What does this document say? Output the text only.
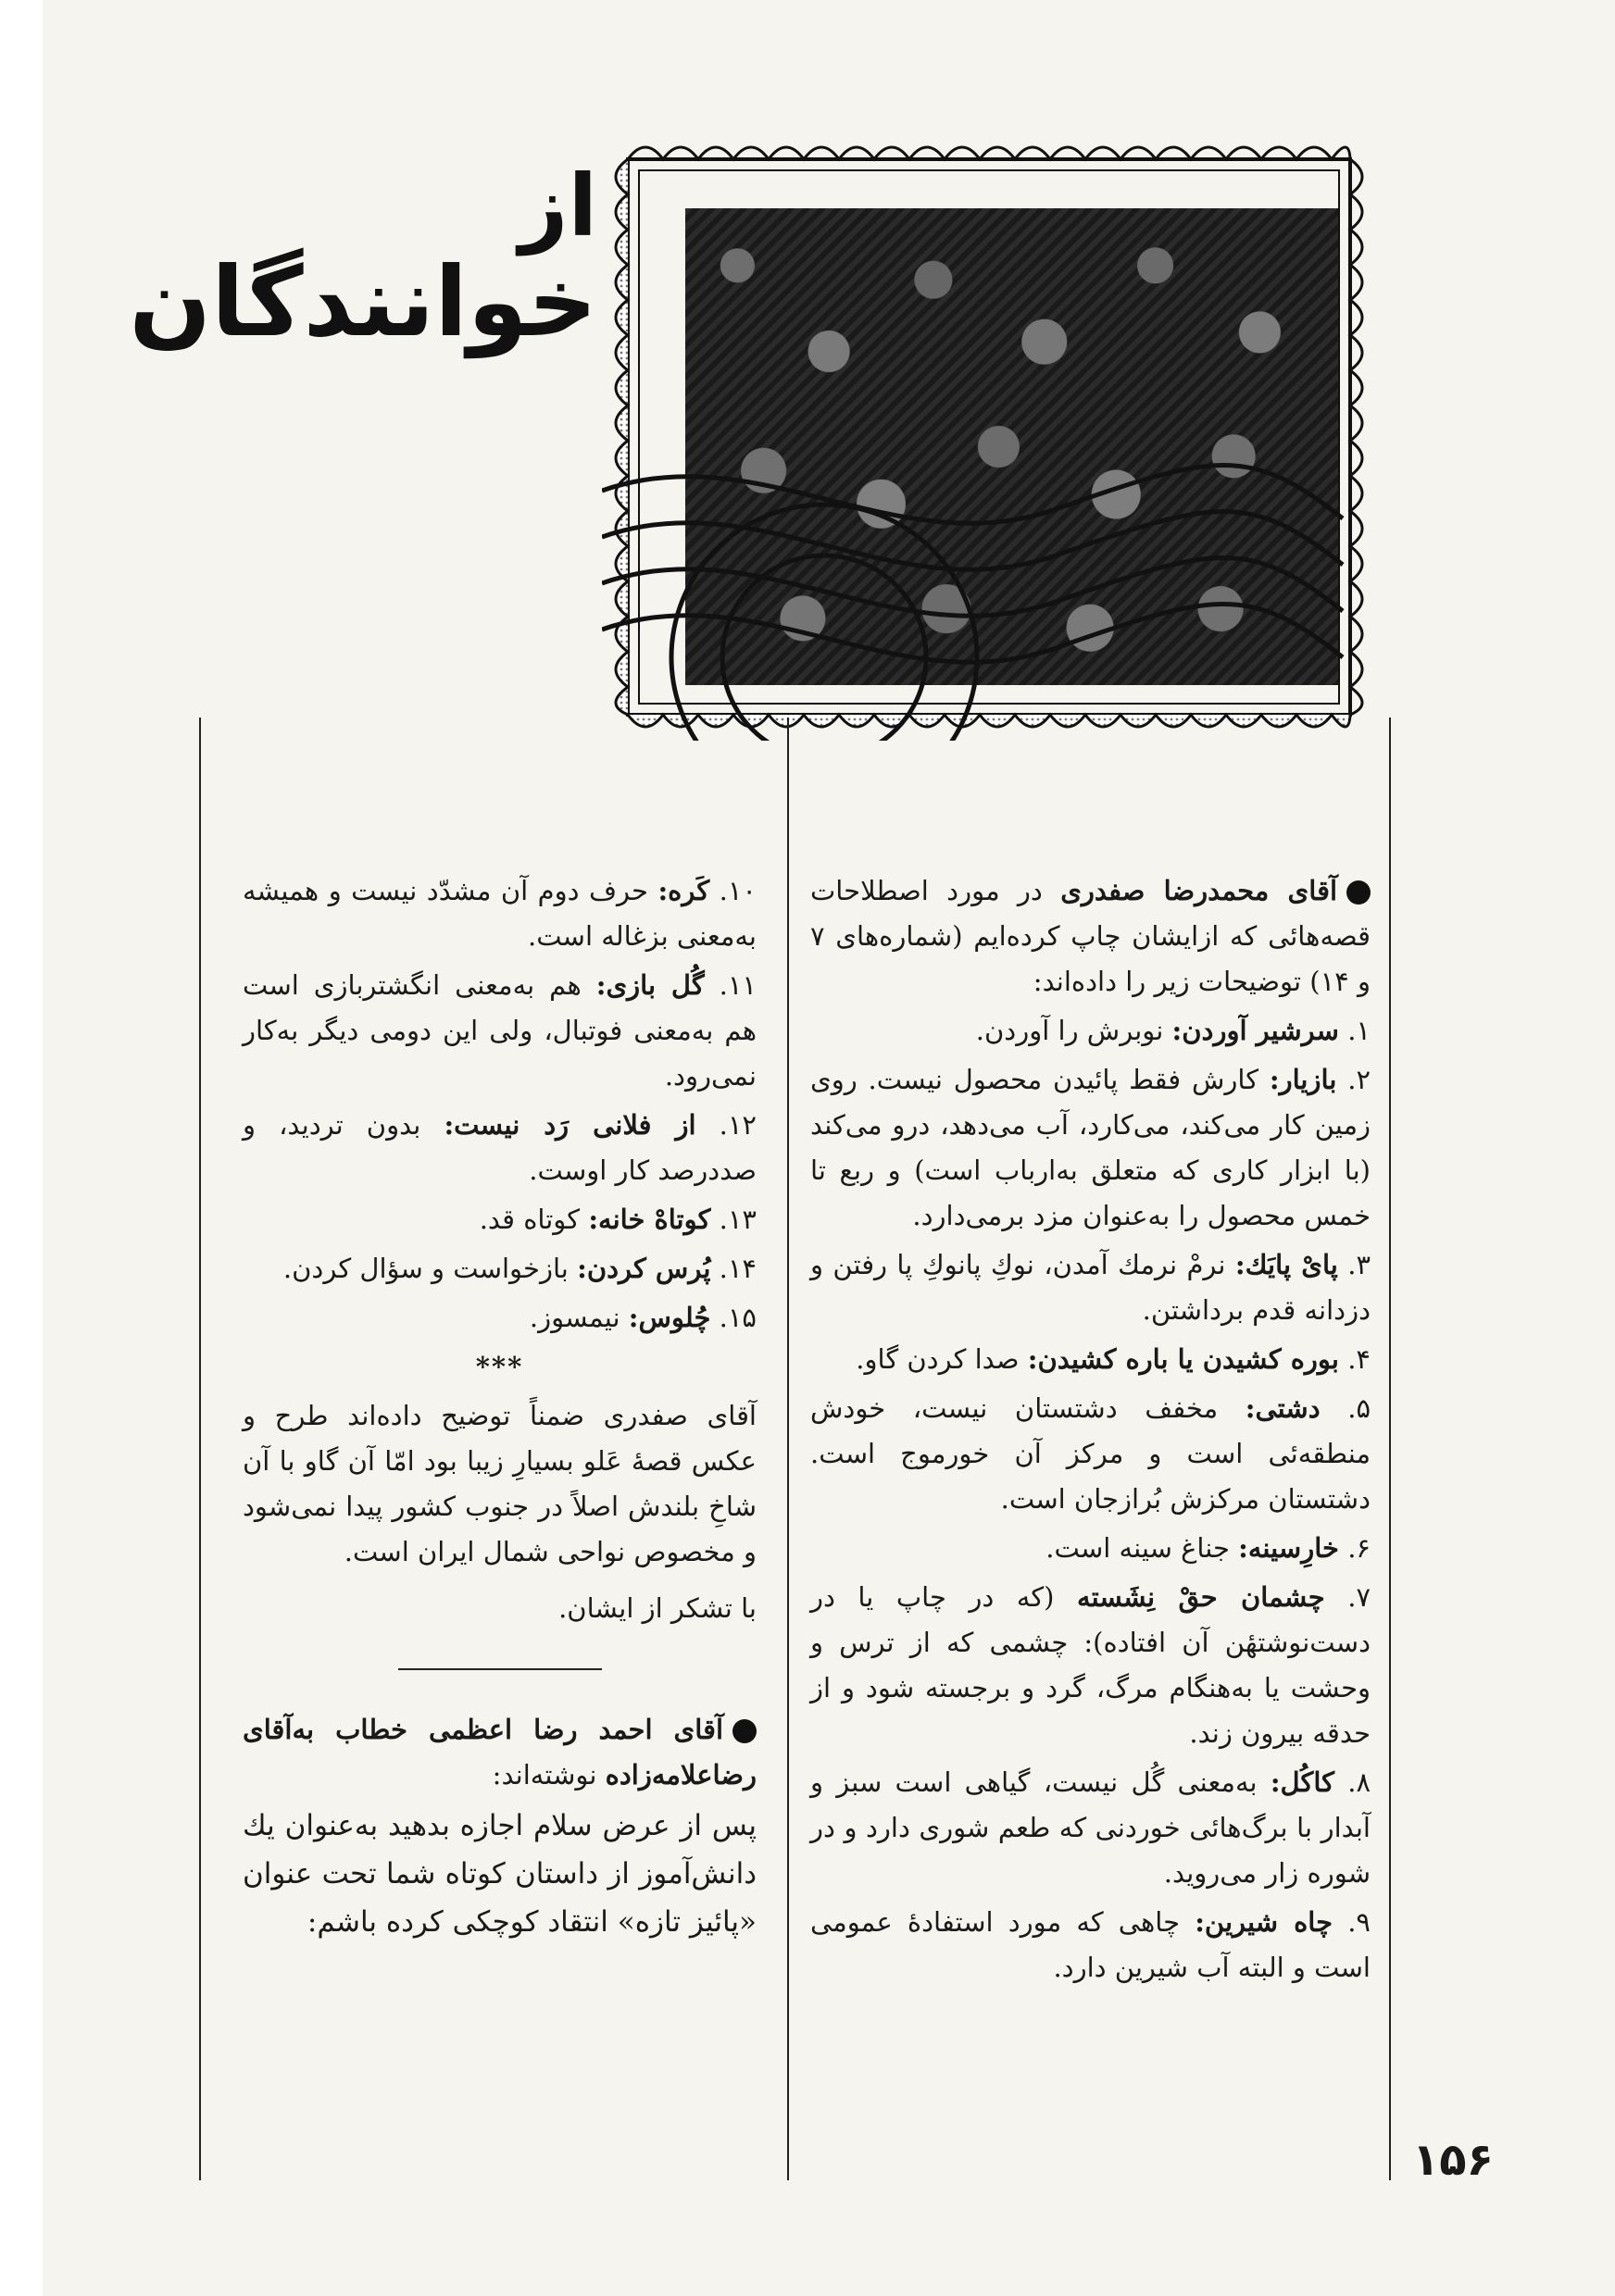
از
خوانندگان

آقای محمدرضا صفدری در مورد اصطلاحات قصه‌هائی که ازایشان چاپ کرده‌ایم (شماره‌های ۷ و ۱۴) توضیحات زیر را داده‌اند:

۱. سرشیر آوردن: نوبرش را آوردن.

۲. بازیار: کارش فقط پائیدن محصول نیست. روی زمین کار می‌کند، می‌کارد، آب می‌دهد، درو می‌کند (با ابزار کاری که متعلق به‌ارباب است) و ربع تا خمس محصول را به‌عنوان مزد برمی‌دارد.

۳. پایْ پایَك: نرمْ نرمك آمدن، نوكِ پانوكِ پا رفتن و دزدانه قدم برداشتن.

۴. بوره کشیدن یا باره کشیدن: صدا کردن گاو.

۵. دشتی: مخفف دشتستان نیست، خودش منطقه‌ئی است و مرکز آن خورموج است. دشتستان مرکزش بُرازجان است.

۶. خارِسینه: جناغ سینه است.

۷. چشمان حقْ نِشَسته (که در چاپ یا در دست‌نوشتهٔن آن افتاده): چشمی که از ترس و وحشت یا به‌هنگام مرگ، گرد و برجسته شود و از حدقه بیرون زند.

۸. کاکُل: به‌معنی گُل نیست، گیاهی است سبز و آبدار با برگ‌هائی خوردنی که طعم شوری دارد و در شوره زار می‌روید.

۹. چاه شیرین: چاهی که مورد استفادهٔ عمومی است و البته آب شیرین دارد.

۱۰. کَره: حرف دوم آن مشدّد نیست و همیشه به‌معنی بزغاله است.

۱۱. گُل بازی: هم به‌معنی انگشتربازی است هم به‌معنی فوتبال، ولی این دومی دیگر به‌کار نمی‌رود.

۱۲. از فلانی رَد نیست: بدون تردید، و صددرصد کار اوست.

۱۳. کوتاهْ خانه: کوتاه قد.

۱۴. پُرس کردن: بازخواست و سؤال کردن.

۱۵. چُلوس: نیمسوز.

***

آقای صفدری ضمناً توضیح داده‌اند طرح و عکس قصهٔ عَلو بسیارِ زیبا بود امّا آن گاو با آن شاخِ بلندش اصلاً در جنوب کشور پیدا نمی‌شود و مخصوص نواحی شمال ایران است.

با تشکر از ایشان.

آقای احمد رضا اعظمی خطاب به‌آقای رضاعلامه‌زاده نوشته‌اند:

پس از عرض سلام اجازه بدهید به‌عنوان یك دانش‌آموز از داستان کوتاه شما تحت عنوان «پائیز تازه» انتقاد کوچکی کرده باشم:

۱۵۶
